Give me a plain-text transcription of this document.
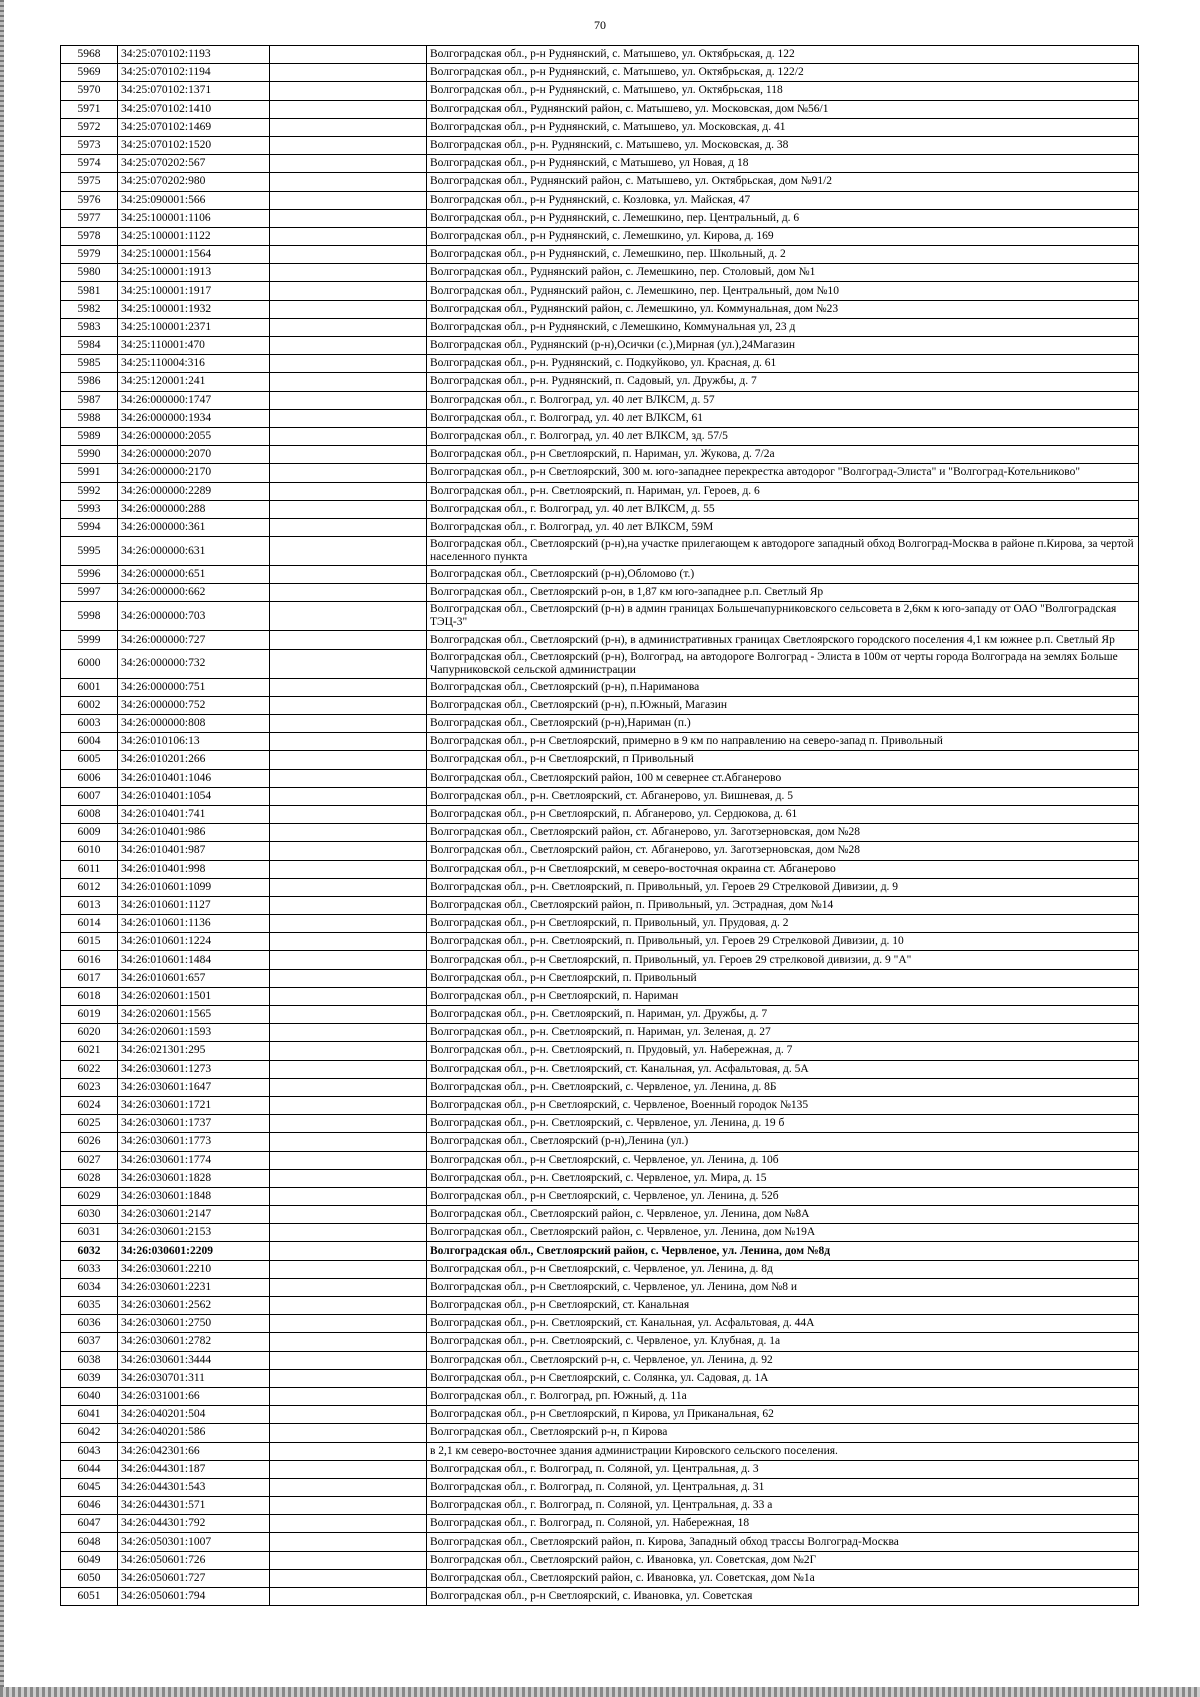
70
5968	34:25:070102:1193		Волгоградская обл., р-н Руднянский, с. Матышево, ул. Октябрьская, д. 122
5969	34:25:070102:1194		Волгоградская обл., р-н Руднянский, с. Матышево, ул. Октябрьская, д. 122/2
5970	34:25:070102:1371		Волгоградская обл., р-н Руднянский, с. Матышево, ул. Октябрьская, 118
5971	34:25:070102:1410		Волгоградская обл., Руднянский район, с. Матышево, ул. Московская, дом №56/1
5972	34:25:070102:1469		Волгоградская обл., р-н Руднянский, с. Матышево, ул. Московская, д. 41
5973	34:25:070102:1520		Волгоградская обл., р-н. Руднянский, с. Матышево, ул. Московская, д. 38
5974	34:25:070202:567		Волгоградская обл., р-н Руднянский, с Матышево, ул Новая, д 18
5975	34:25:070202:980		Волгоградская обл., Руднянский район, с. Матышево, ул. Октябрьская, дом №91/2
5976	34:25:090001:566		Волгоградская обл., р-н Руднянский, с. Козловка, ул. Майская, 47
5977	34:25:100001:1106		Волгоградская обл., р-н Руднянский, с. Лемешкино, пер. Центральный, д. 6
5978	34:25:100001:1122		Волгоградская обл., р-н Руднянский, с. Лемешкино, ул. Кирова, д. 169
5979	34:25:100001:1564		Волгоградская обл., р-н Руднянский, с. Лемешкино, пер. Школьный, д. 2
5980	34:25:100001:1913		Волгоградская обл., Руднянский район, с. Лемешкино, пер. Столовый, дом №1
5981	34:25:100001:1917		Волгоградская обл., Руднянский район, с. Лемешкино, пер. Центральный, дом №10
5982	34:25:100001:1932		Волгоградская обл., Руднянский район, с. Лемешкино, ул. Коммунальная, дом №23
5983	34:25:100001:2371		Волгоградская обл., р-н Руднянский, с Лемешкино, Коммунальная ул, 23 д
5984	34:25:110001:470		Волгоградская обл., Руднянский (р-н),Осички (с.),Мирная (ул.),24Магазин
5985	34:25:110004:316		Волгоградская обл., р-н. Руднянский, с. Подкуйково, ул. Красная, д. 61
5986	34:25:120001:241		Волгоградская обл., р-н. Руднянский, п. Садовый, ул. Дружбы, д. 7
5987	34:26:000000:1747		Волгоградская обл., г. Волгоград, ул. 40 лет ВЛКСМ, д. 57
5988	34:26:000000:1934		Волгоградская обл., г. Волгоград, ул. 40 лет ВЛКСМ, 61
5989	34:26:000000:2055		Волгоградская обл., г. Волгоград, ул. 40 лет ВЛКСМ, зд. 57/5
5990	34:26:000000:2070		Волгоградская обл., р-н Светлоярский, п. Нариман, ул. Жукова, д. 7/2а
5991	34:26:000000:2170		Волгоградская обл., р-н Светлоярский, 300 м. юго-западнее перекрестка автодорог "Волгоград-Элиста" и "Волгоград-Котельниково"
5992	34:26:000000:2289		Волгоградская обл., р-н. Светлоярский, п. Нариман, ул. Героев, д. 6
5993	34:26:000000:288		Волгоградская обл., г. Волгоград, ул. 40 лет ВЛКСМ, д. 55
5994	34:26:000000:361		Волгоградская обл., г. Волгоград, ул. 40 лет ВЛКСМ, 59М
5995	34:26:000000:631		Волгоградская обл., Светлоярский (р-н),на участке прилегающем к автодороге западный обход Волгоград-Москва в районе п.Кирова, за чертой населенного пункта
5996	34:26:000000:651		Волгоградская обл., Светлоярский (р-н),Обломово (т.)
5997	34:26:000000:662		Волгоградская обл., Светлоярский р-он, в 1,87 км юго-западнее р.п. Светлый Яр
5998	34:26:000000:703		Волгоградская обл., Светлоярский (р-н) в админ границах Большечапурниковского сельсовета в 2,6км к юго-западу от ОАО "Волгоградская ТЭЦ-3"
5999	34:26:000000:727		Волгоградская обл., Светлоярский (р-н), в административных границах Светлоярского городского поселения 4,1 км южнее р.п. Светлый Яр
6000	34:26:000000:732		Волгоградская обл., Светлоярский (р-н), Волгоград, на автодороге Волгоград - Элиста в 100м от черты города Волгограда на землях Больше Чапурниковской сельской администрации
6001	34:26:000000:751		Волгоградская обл., Светлоярский (р-н), п.Нариманова
6002	34:26:000000:752		Волгоградская обл., Светлоярский (р-н), п.Южный, Магазин
6003	34:26:000000:808		Волгоградская обл., Светлоярский (р-н),Нариман (п.)
6004	34:26:010106:13		Волгоградская обл., р-н Светлоярский, примерно в 9 км по направлению на северо-запад п. Привольный
6005	34:26:010201:266		Волгоградская обл., р-н Светлоярский, п Привольный
6006	34:26:010401:1046		Волгоградская обл., Светлоярский район, 100 м севернее ст.Абганерово
6007	34:26:010401:1054		Волгоградская обл., р-н. Светлоярский, ст. Абганерово, ул. Вишневая, д. 5
6008	34:26:010401:741		Волгоградская обл., р-н Светлоярский, п. Абганерово, ул. Сердюкова, д. 61
6009	34:26:010401:986		Волгоградская обл., Светлоярский район, ст. Абганерово, ул. Заготзерновская, дом №28
6010	34:26:010401:987		Волгоградская обл., Светлоярский район, ст. Абганерово, ул. Заготзерновская, дом №28
6011	34:26:010401:998		Волгоградская обл., р-н Светлоярский, м северо-восточная окраина ст. Абганерово
6012	34:26:010601:1099		Волгоградская обл., р-н. Светлоярский, п. Привольный, ул. Героев 29 Стрелковой Дивизии, д. 9
6013	34:26:010601:1127		Волгоградская обл., Светлоярский район, п. Привольный, ул. Эстрадная, дом №14
6014	34:26:010601:1136		Волгоградская обл., р-н Светлоярский, п. Привольный, ул. Прудовая, д. 2
6015	34:26:010601:1224		Волгоградская обл., р-н. Светлоярский, п. Привольный, ул. Героев 29 Стрелковой Дивизии, д. 10
6016	34:26:010601:1484		Волгоградская обл., р-н Светлоярский, п. Привольный, ул. Героев 29 стрелковой дивизии, д. 9 "А"
6017	34:26:010601:657		Волгоградская обл., р-н Светлоярский, п. Привольный
6018	34:26:020601:1501		Волгоградская обл., р-н Светлоярский, п. Нариман
6019	34:26:020601:1565		Волгоградская обл., р-н. Светлоярский, п. Нариман, ул. Дружбы, д. 7
6020	34:26:020601:1593		Волгоградская обл., р-н. Светлоярский, п. Нариман, ул. Зеленая, д. 27
6021	34:26:021301:295		Волгоградская обл., р-н. Светлоярский, п. Прудовый, ул. Набережная, д. 7
6022	34:26:030601:1273		Волгоградская обл., р-н. Светлоярский, ст. Канальная, ул. Асфальтовая, д. 5А
6023	34:26:030601:1647		Волгоградская обл., р-н. Светлоярский, с. Червленое, ул. Ленина, д. 8Б
6024	34:26:030601:1721		Волгоградская обл., р-н Светлоярский, с. Червленое, Военный городок №135
6025	34:26:030601:1737		Волгоградская обл., р-н. Светлоярский, с. Червленое, ул. Ленина, д. 19 б
6026	34:26:030601:1773		Волгоградская обл., Светлоярский (р-н),Ленина (ул.)
6027	34:26:030601:1774		Волгоградская обл., р-н Светлоярский, с. Червленое, ул. Ленина, д. 10б
6028	34:26:030601:1828		Волгоградская обл., р-н. Светлоярский, с. Червленое, ул. Мира, д. 15
6029	34:26:030601:1848		Волгоградская обл., р-н Светлоярский, с. Червленое, ул. Ленина, д. 52б
6030	34:26:030601:2147		Волгоградская обл., Светлоярский район, с. Червленое, ул. Ленина, дом №8А
6031	34:26:030601:2153		Волгоградская обл., Светлоярский район, с. Червленое, ул. Ленина, дом №19А
6032	34:26:030601:2209		Волгоградская обл., Светлоярский район, с. Червленое, ул. Ленина, дом №8д
6033	34:26:030601:2210		Волгоградская обл., р-н Светлоярский, с. Червленое, ул. Ленина, д. 8д
6034	34:26:030601:2231		Волгоградская обл., р-н Светлоярский, с. Червленое, ул. Ленина, дом №8 и
6035	34:26:030601:2562		Волгоградская обл., р-н Светлоярский, ст. Канальная
6036	34:26:030601:2750		Волгоградская обл., р-н. Светлоярский, ст. Канальная, ул. Асфальтовая, д. 44А
6037	34:26:030601:2782		Волгоградская обл., р-н. Светлоярский, с. Червленое, ул. Клубная, д. 1а
6038	34:26:030601:3444		Волгоградская обл., Светлоярский р-н, с. Червленое, ул. Ленина, д. 92
6039	34:26:030701:311		Волгоградская обл., р-н Светлоярский, с. Солянка, ул. Садовая, д. 1А
6040	34:26:031001:66		Волгоградская обл., г. Волгоград, рп. Южный, д. 11а
6041	34:26:040201:504		Волгоградская обл., р-н Светлоярский, п Кирова, ул Приканальная, 62
6042	34:26:040201:586		Волгоградская обл., Светлоярский р-н, п Кирова
6043	34:26:042301:66		в 2,1 км северо-восточнее здания администрации Кировского сельского поселения.
6044	34:26:044301:187		Волгоградская обл., г. Волгоград, п. Соляной, ул. Центральная, д. 3
6045	34:26:044301:543		Волгоградская обл., г. Волгоград, п. Соляной, ул. Центральная, д. 31
6046	34:26:044301:571		Волгоградская обл., г. Волгоград, п. Соляной, ул. Центральная, д. 33 а
6047	34:26:044301:792		Волгоградская обл., г. Волгоград, п. Соляной, ул. Набережная, 18
6048	34:26:050301:1007		Волгоградская обл., Светлоярский район, п. Кирова, Западный обход трассы Волгоград-Москва
6049	34:26:050601:726		Волгоградская обл., Светлоярский район, с. Ивановка, ул. Советская, дом №2Г
6050	34:26:050601:727		Волгоградская обл., Светлоярский район, с. Ивановка, ул. Советская, дом №1а
6051	34:26:050601:794		Волгоградская обл., р-н Светлоярский, с. Ивановка, ул. Советская
